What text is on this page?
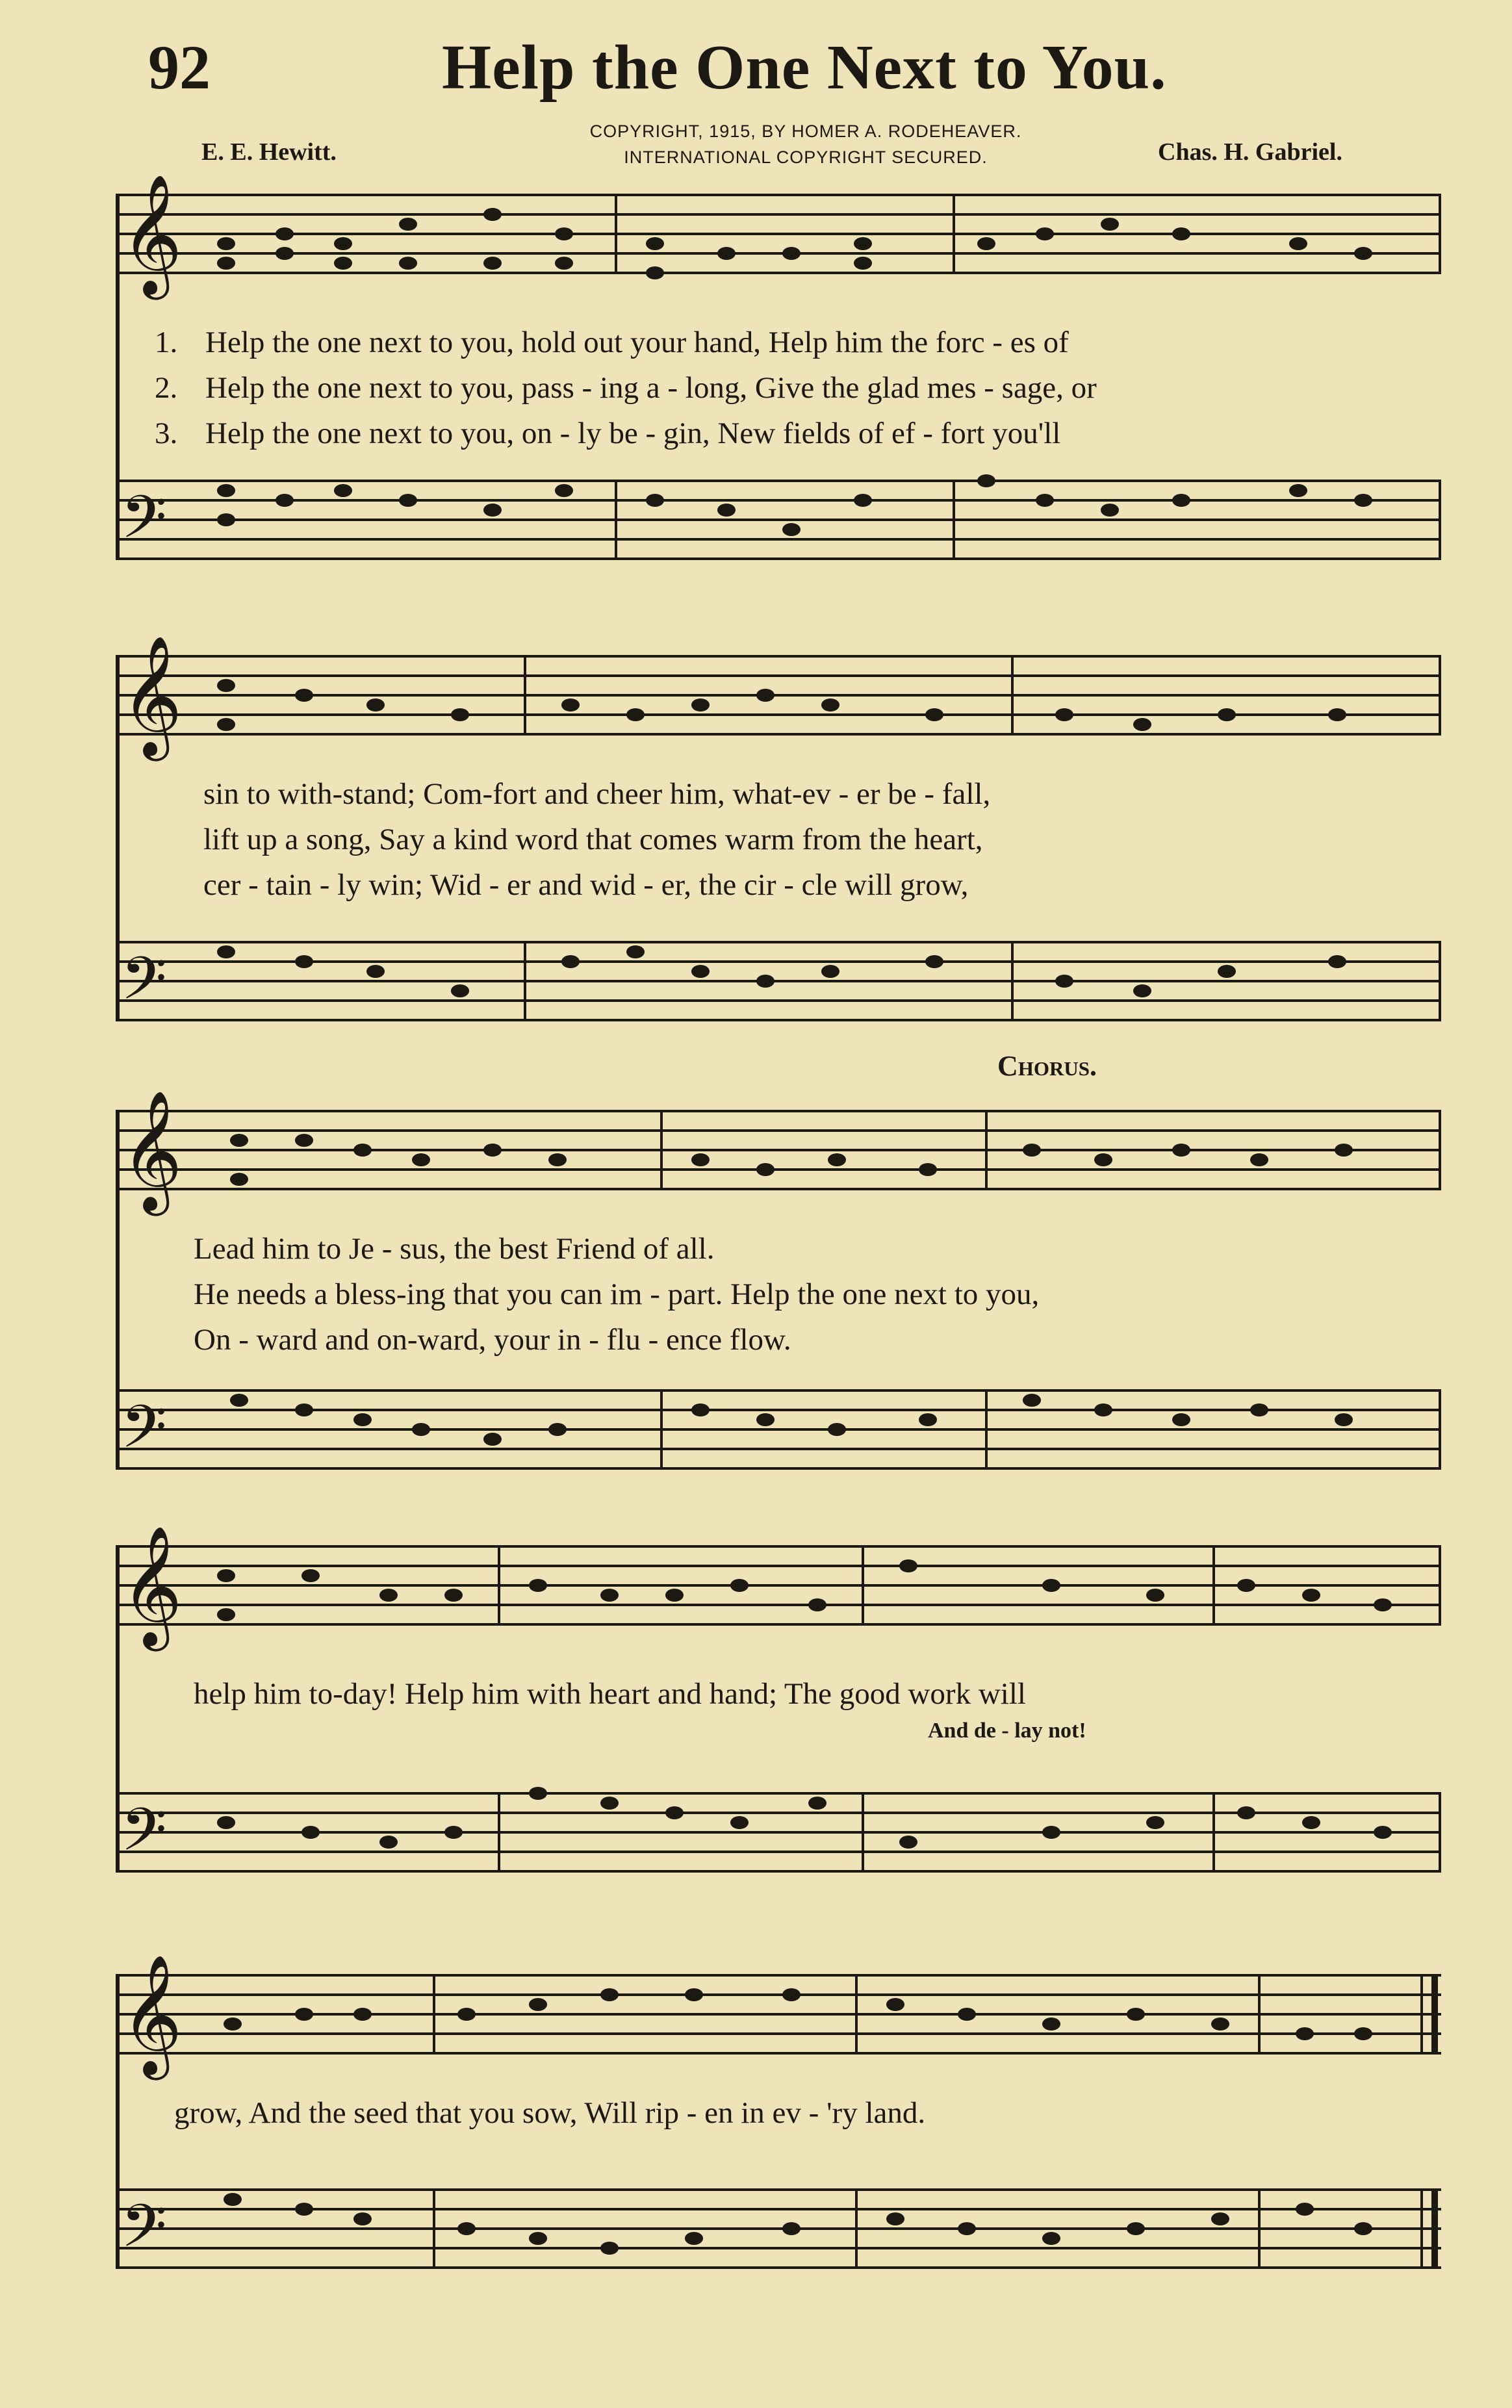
92	Help the One Next to You.
COPYRIGHT, 1915, BY HOMER A. RODEHEAVER.
INTERNATIONAL COPYRIGHT SECURED.
E. E. Hewitt.	Chas. H. Gabriel.
𝄞
𝄢
1. Help the one next to you, hold out your hand, Help him the forc - es of
2. Help the one next to you, pass - ing a - long, Give the glad mes - sage, or
3. Help the one next to you, on - ly be - gin, New fields of ef - fort you'll
𝄞
𝄢
sin to with-stand; Com-fort and cheer him, what-ev - er be - fall,
lift up a song, Say a kind word that comes warm from the heart,
cer - tain - ly win; Wid - er and wid - er, the cir - cle will grow,
Chorus.
𝄞
𝄢
Lead him to Je - sus, the best Friend of all.
He needs a bless-ing that you can im - part. Help the one next to you,
On - ward and on-ward, your in - flu - ence flow.
𝄞
𝄢
help him to-day! Help him with heart and hand; The good work will
And de - lay not!
𝄞
𝄢
grow, And the seed that you sow, Will rip - en in ev - 'ry land.
